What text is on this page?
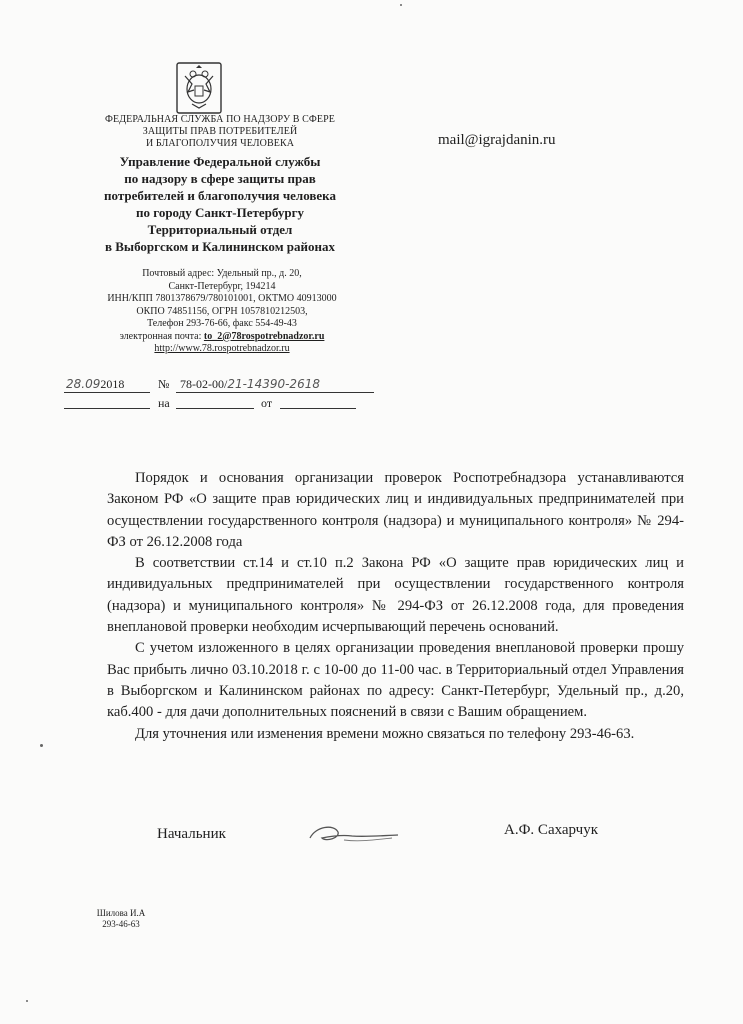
ФЕДЕРАЛЬНАЯ СЛУЖБА ПО НАДЗОРУ В СФЕРЕ
ЗАЩИТЫ ПРАВ ПОТРЕБИТЕЛЕЙ
И БЛАГОПОЛУЧИЯ ЧЕЛОВЕКА
Управление Федеральной службы
по надзору в сфере защиты прав
потребителей и благополучия человека
по городу Санкт-Петербургу
Территориальный отдел
в Выборгском и Калининском районах
Почтовый адрес: Удельный пр., д. 20,
Санкт-Петербург, 194214
ИНН/КПП 7801378679/780101001, ОКТМО 40913000
ОКПО 74851156, ОГРН 1057810212503,
Телефон 293-76-66, факс 554-49-43
электронная почта: to_2@78rospotrebnadzor.ru
http://www.78.rospotrebnadzor.ru
mail@igrajdanin.ru
28.092018	№ 78-02-00/21-14390-2618
на	от

Порядок и основания организации проверок Роспотребнадзора устанавливаются Законом РФ «О защите прав юридических лиц и индивидуальных предпринимателей при осуществлении государственного контроля (надзора) и муниципального контроля» № 294-ФЗ от 26.12.2008 года

В соответствии ст.14 и ст.10 п.2 Закона РФ «О защите прав юридических лиц и индивидуальных предпринимателей при осуществлении государственного контроля (надзора) и муниципального контроля» № 294-ФЗ от 26.12.2008 года, для проведения внеплановой проверки необходим исчерпывающий перечень оснований.

С учетом изложенного в целях организации проведения внеплановой проверки прошу Вас прибыть лично 03.10.2018 г. с 10-00 до 11-00 час. в Территориальный отдел Управления в Выборгском и Калининском районах по адресу: Санкт-Петербург, Удельный пр., д.20, каб.400 - для дачи дополнительных пояснений в связи с Вашим обращением.

Для уточнения или изменения времени можно связаться по телефону 293-46-63.

Начальник	А.Ф. Сахарчук
Шилова И.А
293-46-63
